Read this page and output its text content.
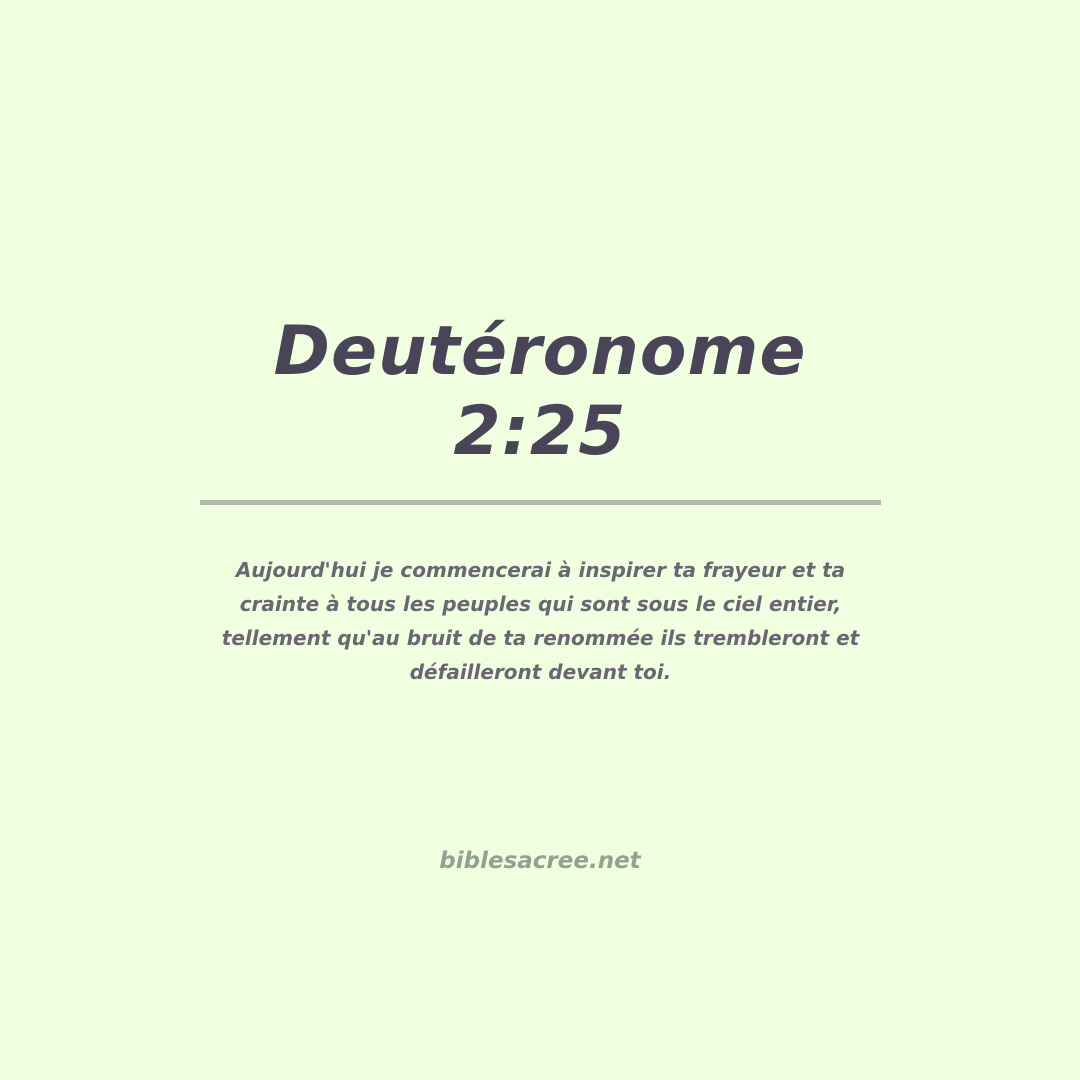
Deutéronome
2:25
Aujourd'hui je commencerai à inspirer ta frayeur et ta crainte à tous les peuples qui sont sous le ciel entier, tellement qu'au bruit de ta renommée ils trembleront et défailleront devant toi.
biblesacree.net
